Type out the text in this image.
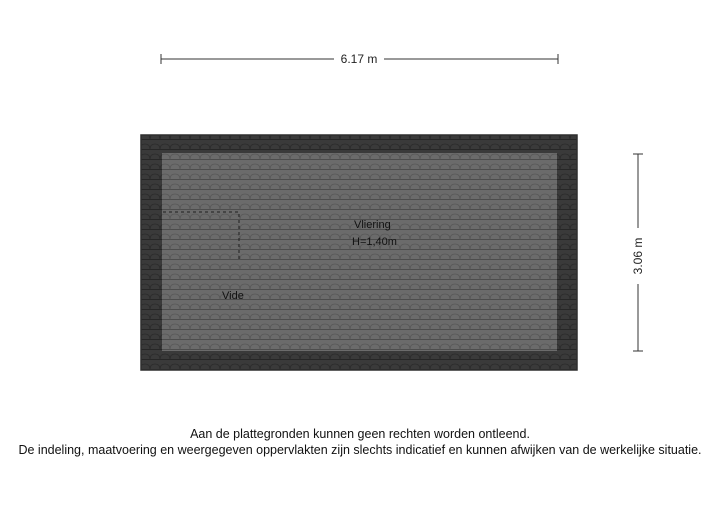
6.17 m
3.06 m
Vliering
H=1,40m
Vide
Aan de plattegronden kunnen geen rechten worden ontleend.
De indeling, maatvoering en weergegeven oppervlakten zijn slechts indicatief en kunnen afwijken van de werkelijke situatie.
